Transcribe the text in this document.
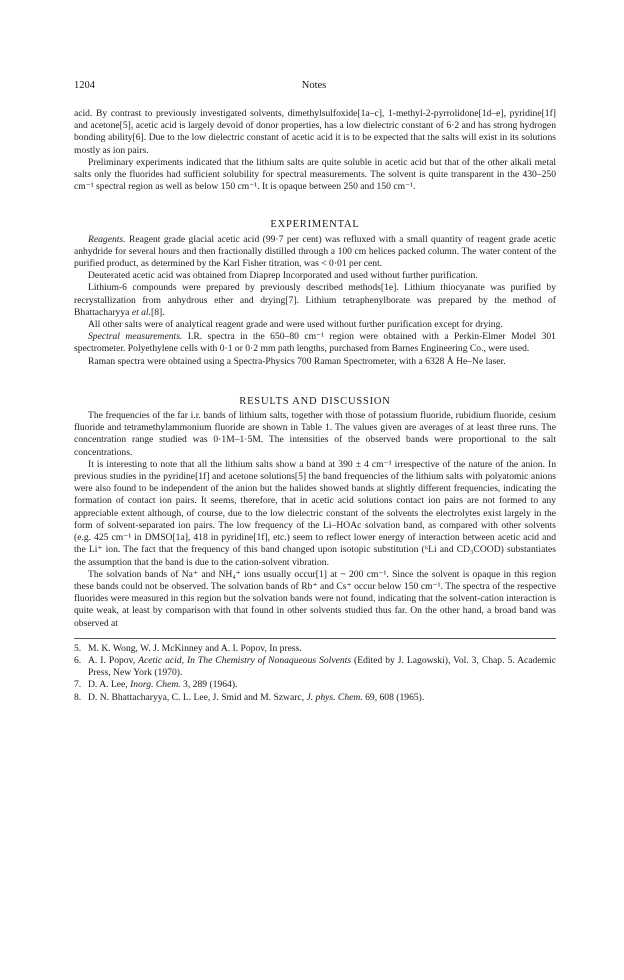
1204	Notes

acid. By contrast to previously investigated solvents, dimethylsulfoxide[1a–c], 1-methyl-2-pyrrolidone[1d–e], pyridine[1f] and acetone[5], acetic acid is largely devoid of donor properties, has a low dielectric constant of 6·2 and has strong hydrogen bonding ability[6]. Due to the low dielectric constant of acetic acid it is to be expected that the salts will exist in its solutions mostly as ion pairs.

Preliminary experiments indicated that the lithium salts are quite soluble in acetic acid but that of the other alkali metal salts only the fluorides had sufficient solubility for spectral measurements. The solvent is quite transparent in the 430–250 cm⁻¹ spectral region as well as below 150 cm⁻¹. It is opaque between 250 and 150 cm⁻¹.

EXPERIMENTAL

Reagents. Reagent grade glacial acetic acid (99·7 per cent) was refluxed with a small quantity of reagent grade acetic anhydride for several hours and then fractionally distilled through a 100 cm helices packed column. The water content of the purified product, as determined by the Karl Fisher titration, was < 0·01 per cent.

Deuterated acetic acid was obtained from Diaprep Incorporated and used without further purification.

Lithium-6 compounds were prepared by previously described methods[1e]. Lithium thiocyanate was purified by recrystallization from anhydrous ether and drying[7]. Lithium tetraphenylborate was prepared by the method of Bhattacharyya et al.[8].

All other salts were of analytical reagent grade and were used without further purification except for drying.

Spectral measurements. I.R. spectra in the 650–80 cm⁻¹ region were obtained with a Perkin-Elmer Model 301 spectrometer. Polyethylene cells with 0·1 or 0·2 mm path lengths, purchased from Barnes Engineering Co., were used.

Raman spectra were obtained using a Spectra-Physics 700 Raman Spectrometer, with a 6328 Å He–Ne laser.

RESULTS AND DISCUSSION

The frequencies of the far i.r. bands of lithium salts, together with those of potassium fluoride, rubidium fluoride, cesium fluoride and tetramethylammonium fluoride are shown in Table 1. The values given are averages of at least three runs. The concentration range studied was 0·1M–1·5M. The intensities of the observed bands were proportional to the salt concentrations.

It is interesting to note that all the lithium salts show a band at 390 ± 4 cm⁻¹ irrespective of the nature of the anion. In previous studies in the pyridine[1f] and acetone solutions[5] the band frequencies of the lithium salts with polyatomic anions were also found to be independent of the anion but the halides showed bands at slightly different frequencies, indicating the formation of contact ion pairs. It seems, therefore, that in acetic acid solutions contact ion pairs are not formed to any appreciable extent although, of course, due to the low dielectric constant of the solvents the electrolytes exist largely in the form of solvent-separated ion pairs. The low frequency of the Li–HOAc solvation band, as compared with other solvents (e.g. 425 cm⁻¹ in DMSO[1a], 418 in pyridine[1f], etc.) seem to reflect lower energy of interaction between acetic acid and the Li⁺ ion. The fact that the frequency of this band changed upon isotopic substitution (⁶Li and CD₃COOD) substantiates the assumption that the band is due to the cation-solvent vibration.

The solvation bands of Na⁺ and NH₄⁺ ions usually occur[1] at ~ 200 cm⁻¹. Since the solvent is opaque in this region these bands could not be observed. The solvation bands of Rb⁺ and Cs⁺ occur below 150 cm⁻¹. The spectra of the respective fluorides were measured in this region but the solvation bands were not found, indicating that the solvent-cation interaction is quite weak, at least by comparison with that found in other solvents studied thus far. On the other hand, a broad band was observed at

5. M. K. Wong, W. J. McKinney and A. I. Popov, In press.
6. A. I. Popov, Acetic acid, In The Chemistry of Nonaqueous Solvents (Edited by J. Lagowski), Vol. 3, Chap. 5. Academic Press, New York (1970).
7. D. A. Lee, Inorg. Chem. 3, 289 (1964).
8. D. N. Bhattacharyya, C. L. Lee, J. Smid and M. Szwarc, J. phys. Chem. 69, 608 (1965).
